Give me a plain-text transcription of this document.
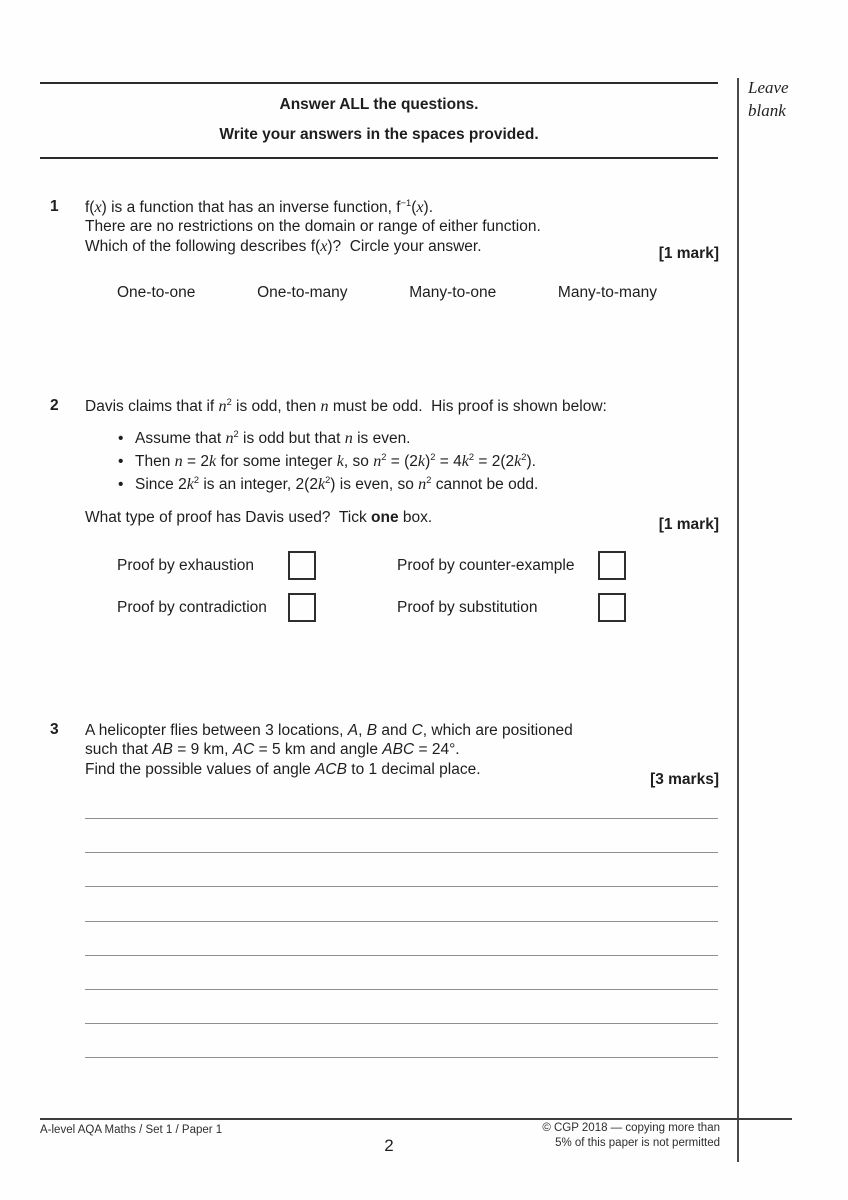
Leave
blank
Answer ALL the questions.
Write your answers in the spaces provided.
1 f(x) is a function that has an inverse function, $f^{-1}(x)$.
There are no restrictions on the domain or range of either function.
Which of the following describes f(x)?  Circle your answer.	[1 mark]
One-to-one	One-to-many	Many-to-one	Many-to-many
2 Davis claims that if $n^2$ is odd, then n must be odd.  His proof is shown below:
• Assume that $n^2$ is odd but that n is even.
• Then n = 2k for some integer k, so $n^2 = (2k)^2 = 4k^2 = 2(2k^2)$.
• Since $2k^2$ is an integer, $2(2k^2)$ is even, so $n^2$ cannot be odd.
What type of proof has Davis used?  Tick one box.	[1 mark]
Proof by exhaustion	Proof by counter-example
Proof by contradiction	Proof by substitution
3 A helicopter flies between 3 locations, A, B and C, which are positioned
such that AB = 9 km, AC = 5 km and angle ABC = 24°.
Find the possible values of angle ACB to 1 decimal place.
[3 marks]
A-level AQA Maths / Set 1 / Paper 1	© CGP 2018 — copying more than
5% of this paper is not permitted
2
